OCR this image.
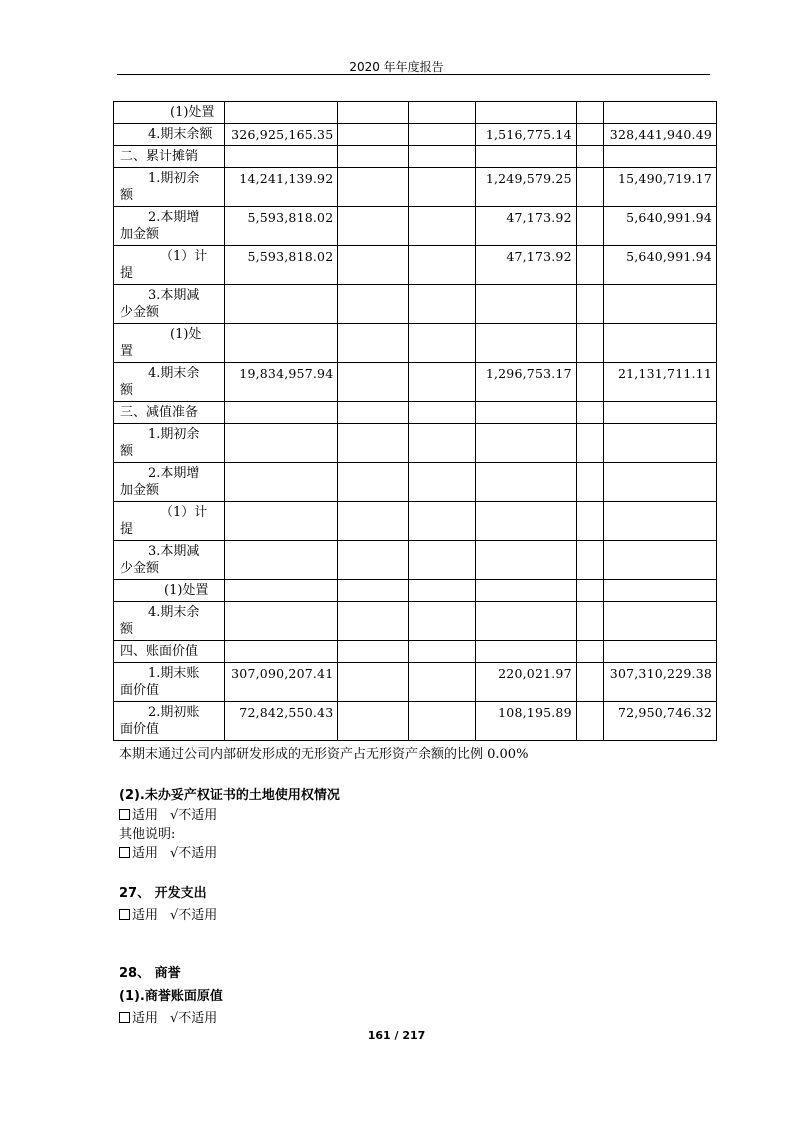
2020 年年度报告
(1)处置						

4.期末余额	326,925,165.35			1,516,775.14		328,441,940.49

二、累计摊销						

1.期初余
额	14,241,139.92			1,249,579.25		15,490,719.17

2.本期增
加金额	5,593,818.02			47,173.92		5,640,991.94

（1）计
提	5,593,818.02			47,173.92		5,640,991.94

3.本期减
少金额						

(1)处
置						

4.期末余
额	19,834,957.94			1,296,753.17		21,131,711.11

三、减值准备						

1.期初余
额						

2.本期增
加金额						

（1）计
提						

3.本期减
少金额						

(1)处置						

4.期末余
额						

四、账面价值						

1.期末账
面价值	307,090,207.41			220,021.97		307,310,229.38

2.期初账
面价值	72,842,550.43			108,195.89		72,950,746.32
本期末通过公司内部研发形成的无形资产占无形资产余额的比例 0.00%
(2).未办妥产权证书的土地使用权情况
适用 √不适用
其他说明:
适用 √不适用
27、 开发支出
适用 √不适用
28、 商誉
(1).商誉账面原值
适用 √不适用
161 / 217
